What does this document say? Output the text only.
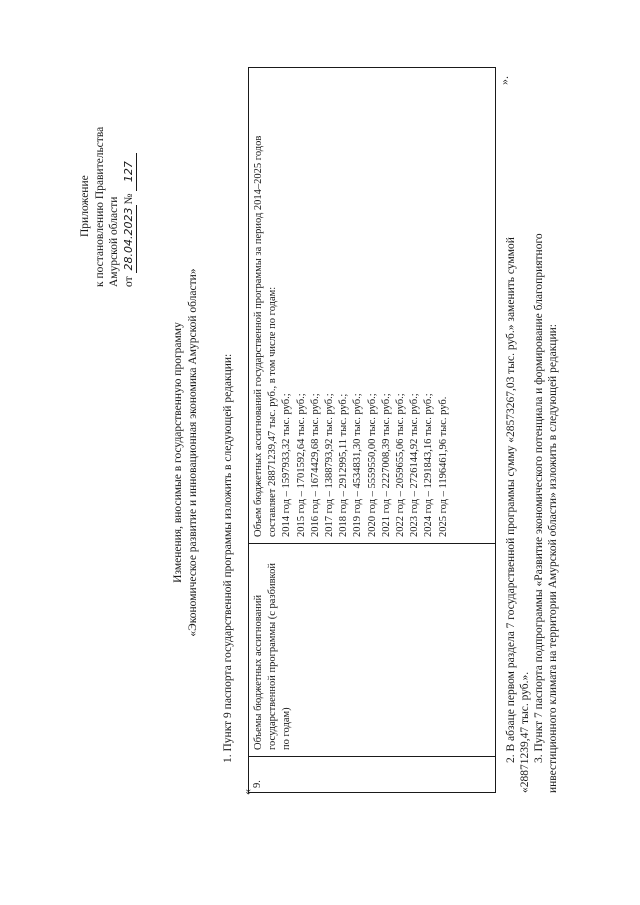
Приложение к постановлению Правительства Амурской области от 28.04.2023№ 127
Изменения, вносимые в государственную программу «Экономическое развитие и инновационная экономика Амурской области» 1. Пункт 9 паспорта государственной программы изложить в следующей редакции:
«
9.
Объемы бюджетных ассигнований государственной программы (с разбивкой по годам)
Объем бюджетных ассигнований государственной программы за период 2014–2025 годов составляет 28871239,47 тыс. руб., в том числе по годам: 2014 год – 1597933,32 тыс. руб.; 2015 год – 1701592,64 тыс. руб.; 2016 год – 1674429,68 тыс. руб.; 2017 год – 1388793,92 тыс. руб.; 2018 год – 2912995,11 тыс. руб.; 2019 год – 4534831,30 тыс. руб.; 2020 год – 5559550,00 тыс. руб.; 2021 год – 2227008,39 тыс. руб.; 2022 год – 2059655,06 тыс. руб.; 2023 год – 2726144,92 тыс. руб.; 2024 год – 1291843,16 тыс. руб.; 2025 год – 1196461,96 тыс. руб.
».
2. В абзаце первом раздела 7 государственной программы сумму «28573267,03 тыс. руб.» заменить суммой «28871239,47 тыс. руб.». 3. Пункт 7 паспорта подпрограммы «Развитие экономического потенциала и формирование благоприятного инвестиционного климата на территории Амурской области» изложить в следующей редакции:
